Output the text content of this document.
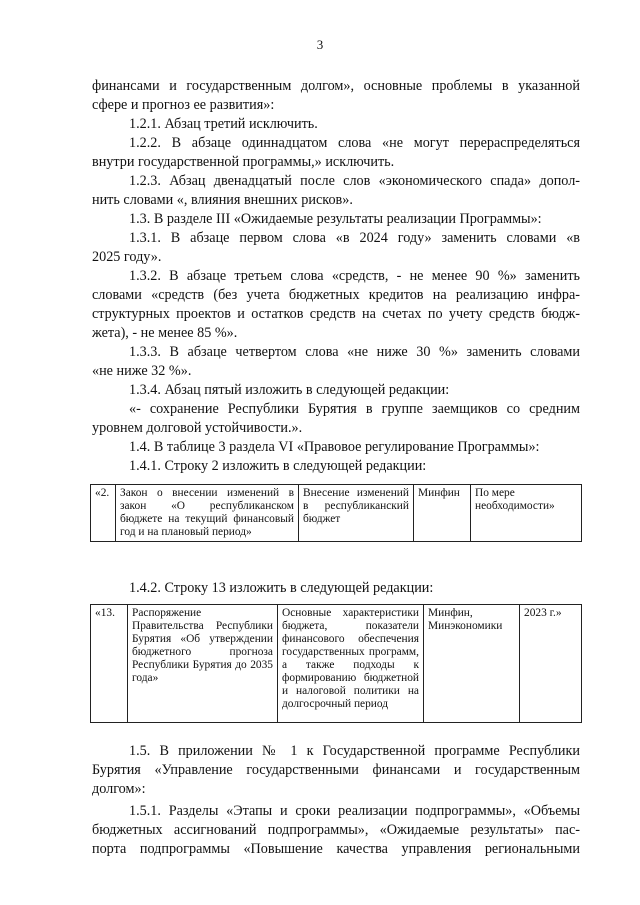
3
финансами и государственным долгом», основные проблемы в указанной
сфере и прогноз ее развития»:
1.2.1. Абзац третий исключить.
1.2.2. В абзаце одиннадцатом слова «не могут перераспределяться
внутри государственной программы,» исключить.
1.2.3. Абзац двенадцатый после слов «экономического спада» допол-
нить словами «, влияния внешних рисков».
1.3. В разделе III «Ожидаемые результаты реализации Программы»:
1.3.1. В абзаце первом слова «в 2024 году» заменить словами «в
2025 году».
1.3.2. В абзаце третьем слова «средств, - не менее 90 %» заменить
словами «средств (без учета бюджетных кредитов на реализацию инфра-
структурных проектов и остатков средств на счетах по учету средств бюдж-
жета), - не менее 85 %».
1.3.3. В абзаце четвертом слова «не ниже 30 %» заменить словами
«не ниже 32 %».
1.3.4. Абзац пятый изложить в следующей редакции:
«- сохранение Республики Бурятия в группе заемщиков со средним
уровнем долговой устойчивости.».
1.4. В таблице 3 раздела VI «Правовое регулирование Программы»:
1.4.1. Строку 2 изложить в следующей редакции:
«2.	Закон о внесении изменений в закон «О республиканском бюджете на текущий финансовый год и на плановый период»	Внесение изменений в республиканский бюджет	Минфин	По мере необходимости»
1.4.2. Строку 13 изложить в следующей редакции:
«13.	Распоряжение Правительства Республики Бурятия «Об утверждении бюджетного прогноза Республики Бурятия до 2035 года»	Основные характеристики бюджета, показатели финансового обеспечения государственных программ, а также подходы к формированию бюджетной и налоговой политики на долгосрочный период	Минфин, Минэкономики	2023 г.»
1.5. В приложении № 1 к Государственной программе Республики
Бурятия «Управление государственными финансами и государственным
долгом»:
1.5.1. Разделы «Этапы и сроки реализации подпрограммы», «Объемы
бюджетных ассигнований подпрограммы», «Ожидаемые результаты» пас-
порта подпрограммы «Повышение качества управления региональными
